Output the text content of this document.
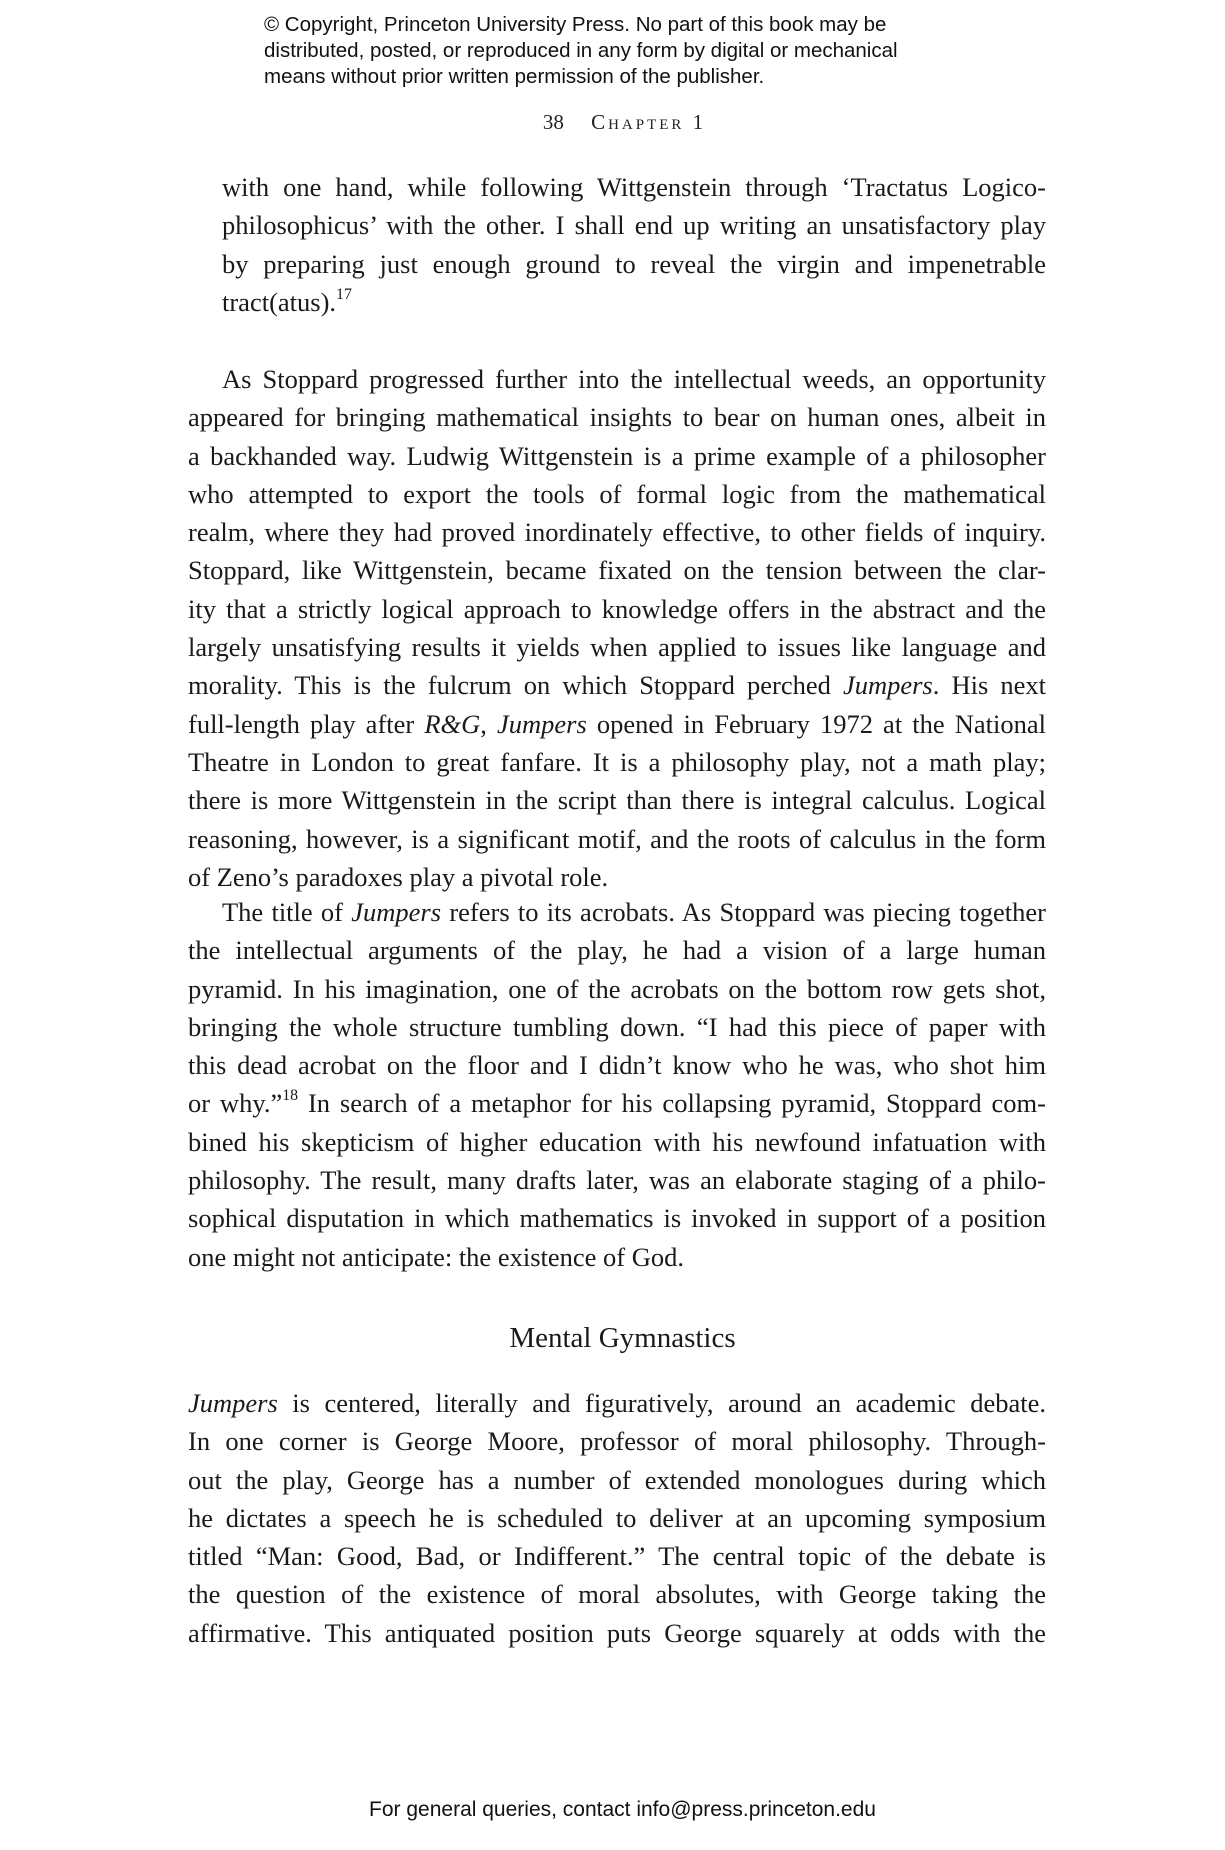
© Copyright, Princeton University Press. No part of this book may be
distributed, posted, or reproduced in any form by digital or mechanical
means without prior written permission of the publisher.
38 Chapter 1
with one hand, while following Wittgenstein through ‘Tractatus Logico-
philosophicus’ with the other. I shall end up writing an unsatisfactory play
by preparing just enough ground to reveal the virgin and impenetrable
tract(atus).$^{17}$
As Stoppard progressed further into the intellectual weeds, an opportunity
appeared for bringing mathematical insights to bear on human ones, albeit in
a backhanded way. Ludwig Wittgenstein is a prime example of a philosopher
who attempted to export the tools of formal logic from the mathematical
realm, where they had proved inordinately effective, to other fields of inquiry.
Stoppard, like Wittgenstein, became fixated on the tension between the clar-
ity that a strictly logical approach to knowledge offers in the abstract and the
largely unsatisfying results it yields when applied to issues like language and
morality. This is the fulcrum on which Stoppard perched Jumpers. His next
full-length play after R&G, Jumpers opened in February 1972 at the National
Theatre in London to great fanfare. It is a philosophy play, not a math play;
there is more Wittgenstein in the script than there is integral calculus. Logical
reasoning, however, is a significant motif, and the roots of calculus in the form
of Zeno’s paradoxes play a pivotal role.
The title of Jumpers refers to its acrobats. As Stoppard was piecing together
the intellectual arguments of the play, he had a vision of a large human
pyramid. In his imagination, one of the acrobats on the bottom row gets shot,
bringing the whole structure tumbling down. “I had this piece of paper with
this dead acrobat on the floor and I didn’t know who he was, who shot him
or why.”$^{18}$ In search of a metaphor for his collapsing pyramid, Stoppard com-
bined his skepticism of higher education with his newfound infatuation with
philosophy. The result, many drafts later, was an elaborate staging of a philo-
sophical disputation in which mathematics is invoked in support of a position
one might not anticipate: the existence of God.
Mental Gymnastics
Jumpers is centered, literally and figuratively, around an academic debate.
In one corner is George Moore, professor of moral philosophy. Through-
out the play, George has a number of extended monologues during which
he dictates a speech he is scheduled to deliver at an upcoming symposium
titled “Man: Good, Bad, or Indifferent.” The central topic of the debate is
the question of the existence of moral absolutes, with George taking the
affirmative. This antiquated position puts George squarely at odds with the
For general queries, contact info@press.princeton.edu
